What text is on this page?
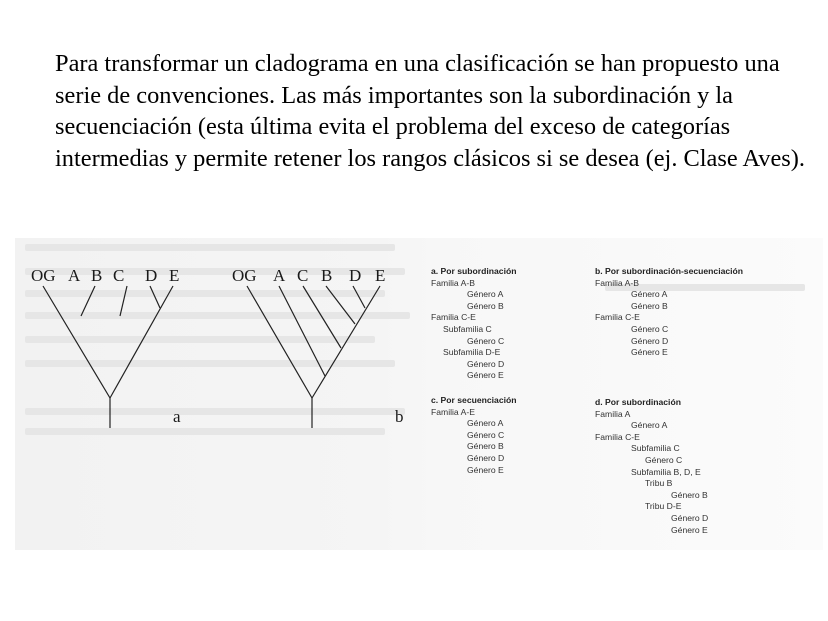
Para transformar un cladograma en una clasificación se han propuesto una serie de convenciones. Las más importantes son la subordinación y la secuenciación (esta última evita el problema del exceso de categorías intermedias y permite retener los rangos clásicos si se desea (ej. Clase Aves).
OG A B C D E
a
OG A C B D E
b
a. Por subordinación
Familia A-B
Género A
Género B
Familia C-E
Subfamilia C
Género C
Subfamilia D-E
Género D
Género E
b. Por subordinación-secuenciación
Familia A-B
Género A
Género B
Familia C-E
Género C
Género D
Género E
c. Por secuenciación
Familia A-E
Género A
Género C
Género B
Género D
Género E
d. Por subordinación
Familia A
Género A
Familia C-E
Subfamilia C
Género C
Subfamilia B, D, E
Tribu B
Género B
Tribu D-E
Género D
Género E
